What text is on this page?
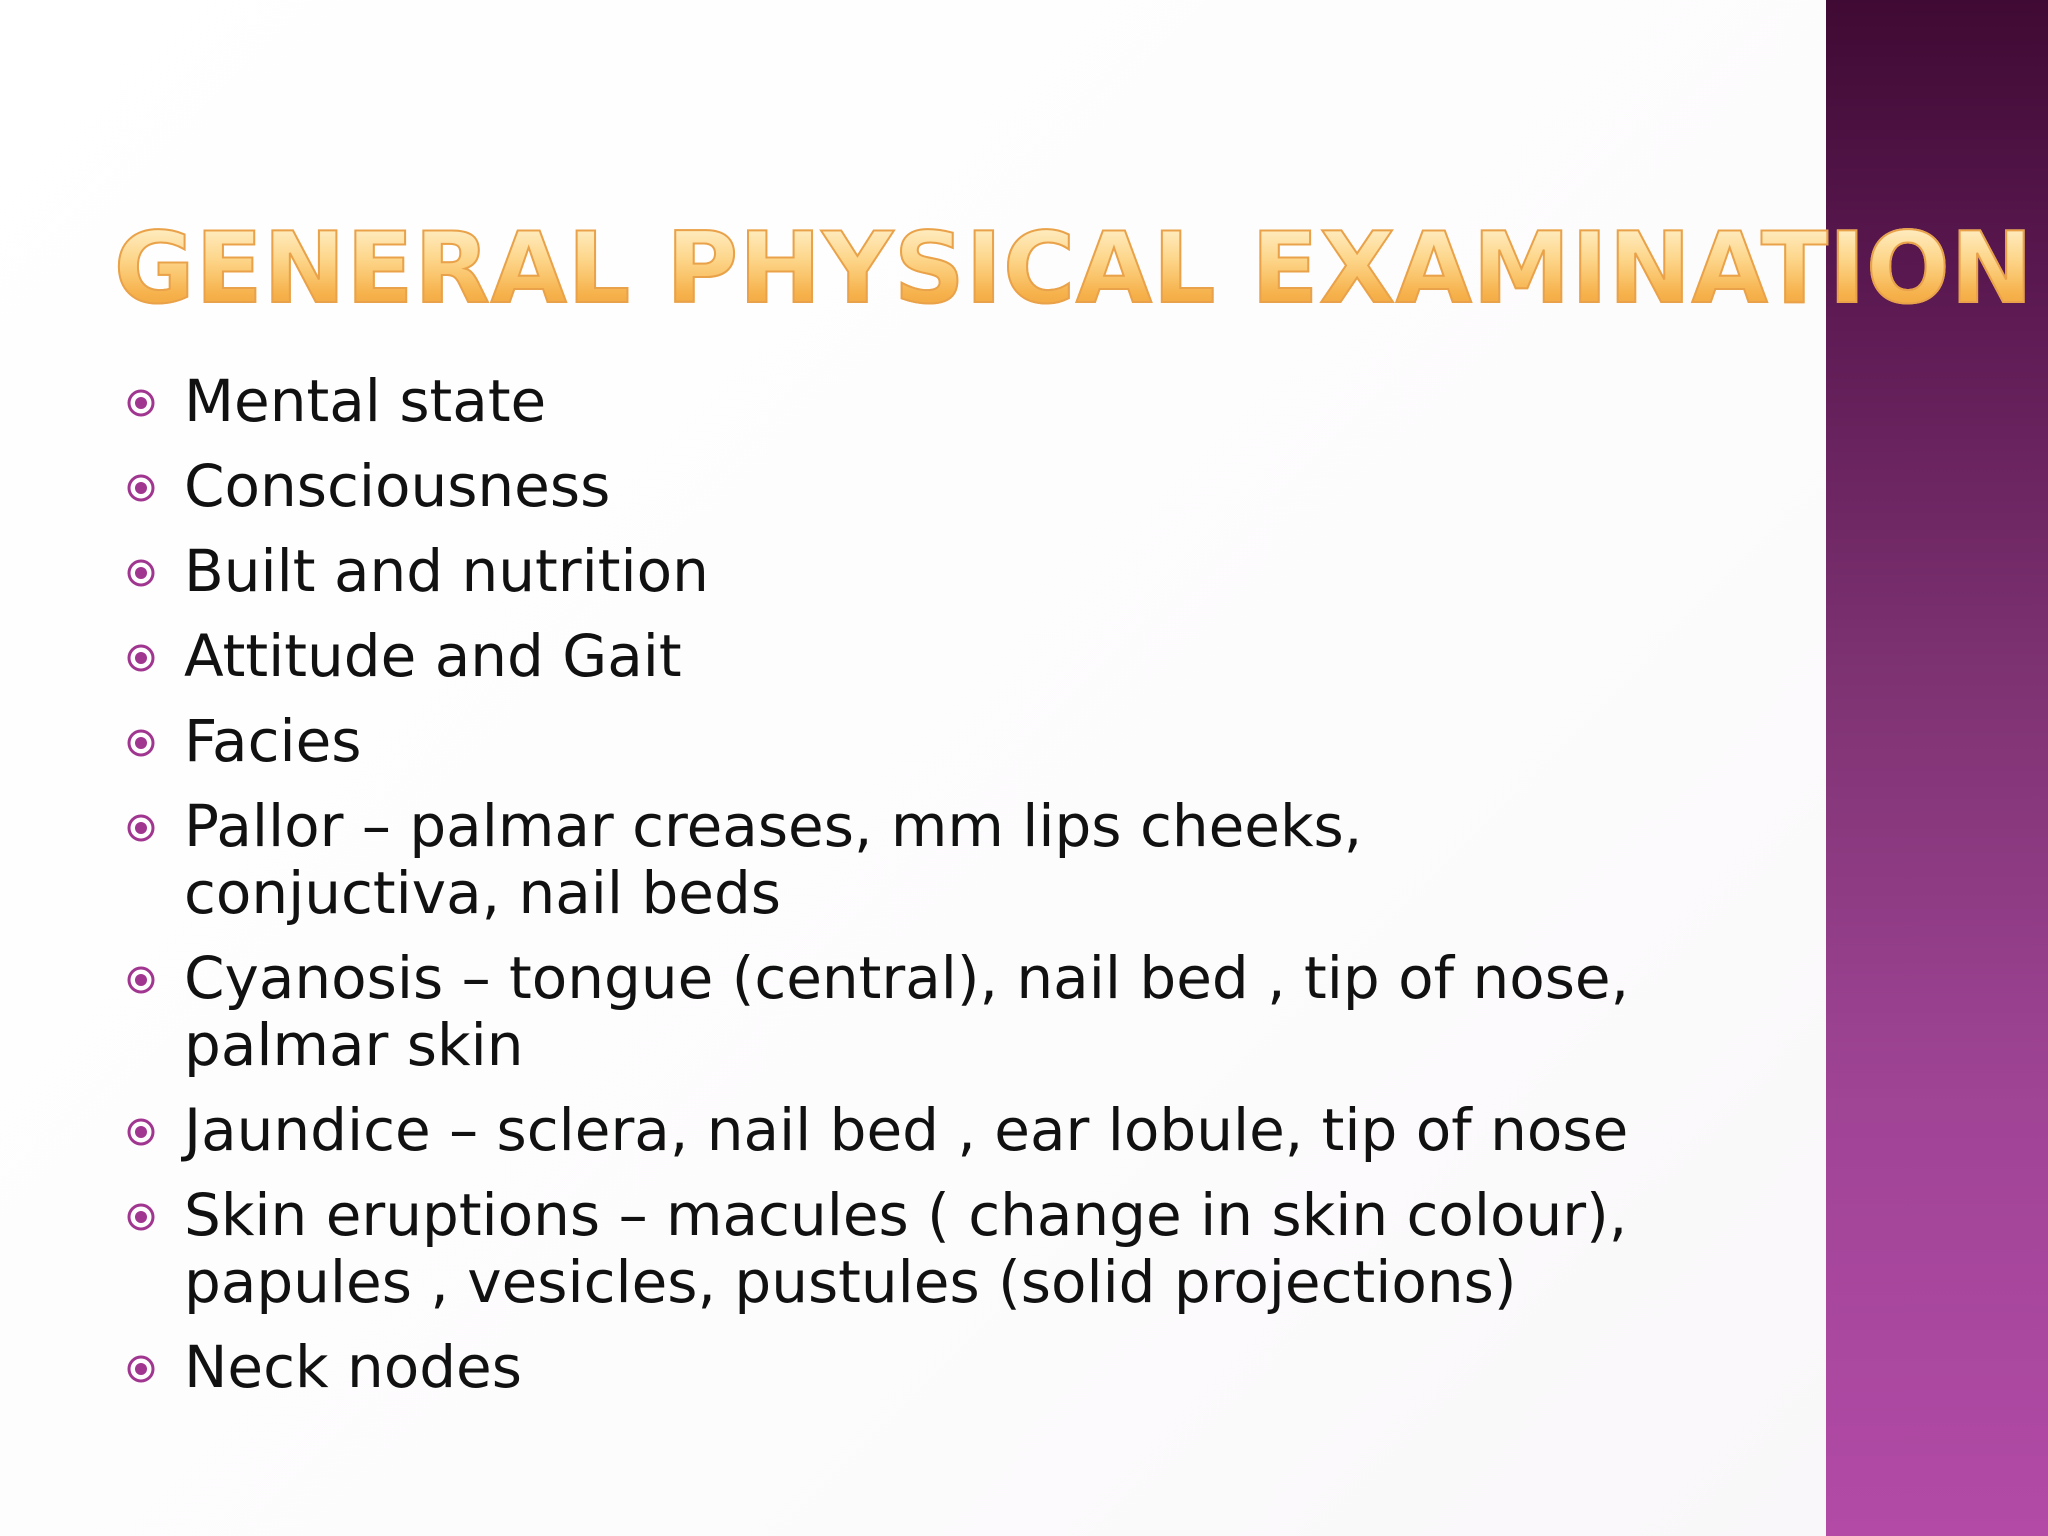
GENERAL PHYSICAL EXAMINATION
Mental state
Consciousness
Built and nutrition
Attitude and Gait
Facies
Pallor – palmar creases, mm lips cheeks, conjuctiva, nail beds
Cyanosis – tongue (central), nail bed , tip of nose, palmar skin
Jaundice – sclera, nail bed , ear lobule, tip of nose
Skin eruptions – macules ( change in skin colour), papules , vesicles, pustules (solid projections)
Neck nodes
